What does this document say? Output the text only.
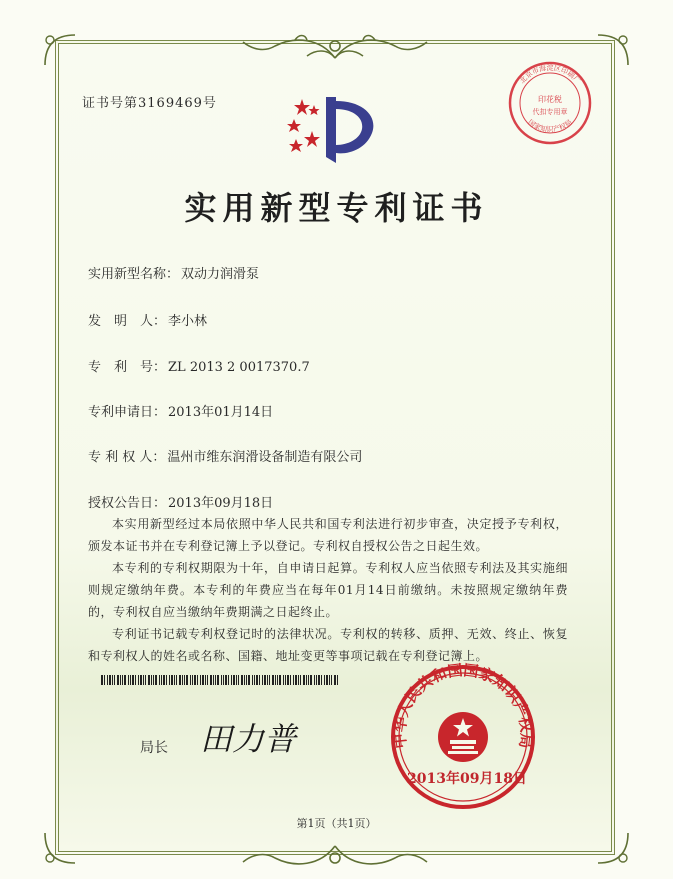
证书号第3169469号
北京市海淀区印刷厂
国家知识产权局
印花税
代扣专用章
实用新型专利证书
实用新型名称： 双动力润滑泵
发　明　人： 李小林
专　利　号： ZL 2013 2 0017370.7
专利申请日： 2013年01月14日
专 利 权 人： 温州市维东润滑设备制造有限公司
授权公告日： 2013年09月18日

本实用新型经过本局依照中华人民共和国专利法进行初步审查，决定授予专利权，颁发本证书并在专利登记簿上予以登记。专利权自授权公告之日起生效。

本专利的专利权期限为十年，自申请日起算。专利权人应当依照专利法及其实施细则规定缴纳年费。本专利的年费应当在每年01月14日前缴纳。未按照规定缴纳年费的，专利权自应当缴纳年费期满之日起终止。

专利证书记载专利权登记时的法律状况。专利权的转移、质押、无效、终止、恢复和专利权人的姓名或名称、国籍、地址变更等事项记载在专利登记簿上。

局长 田力普	中华人民共和国国家知识产权局
2013年09月18日
第1页（共1页）
